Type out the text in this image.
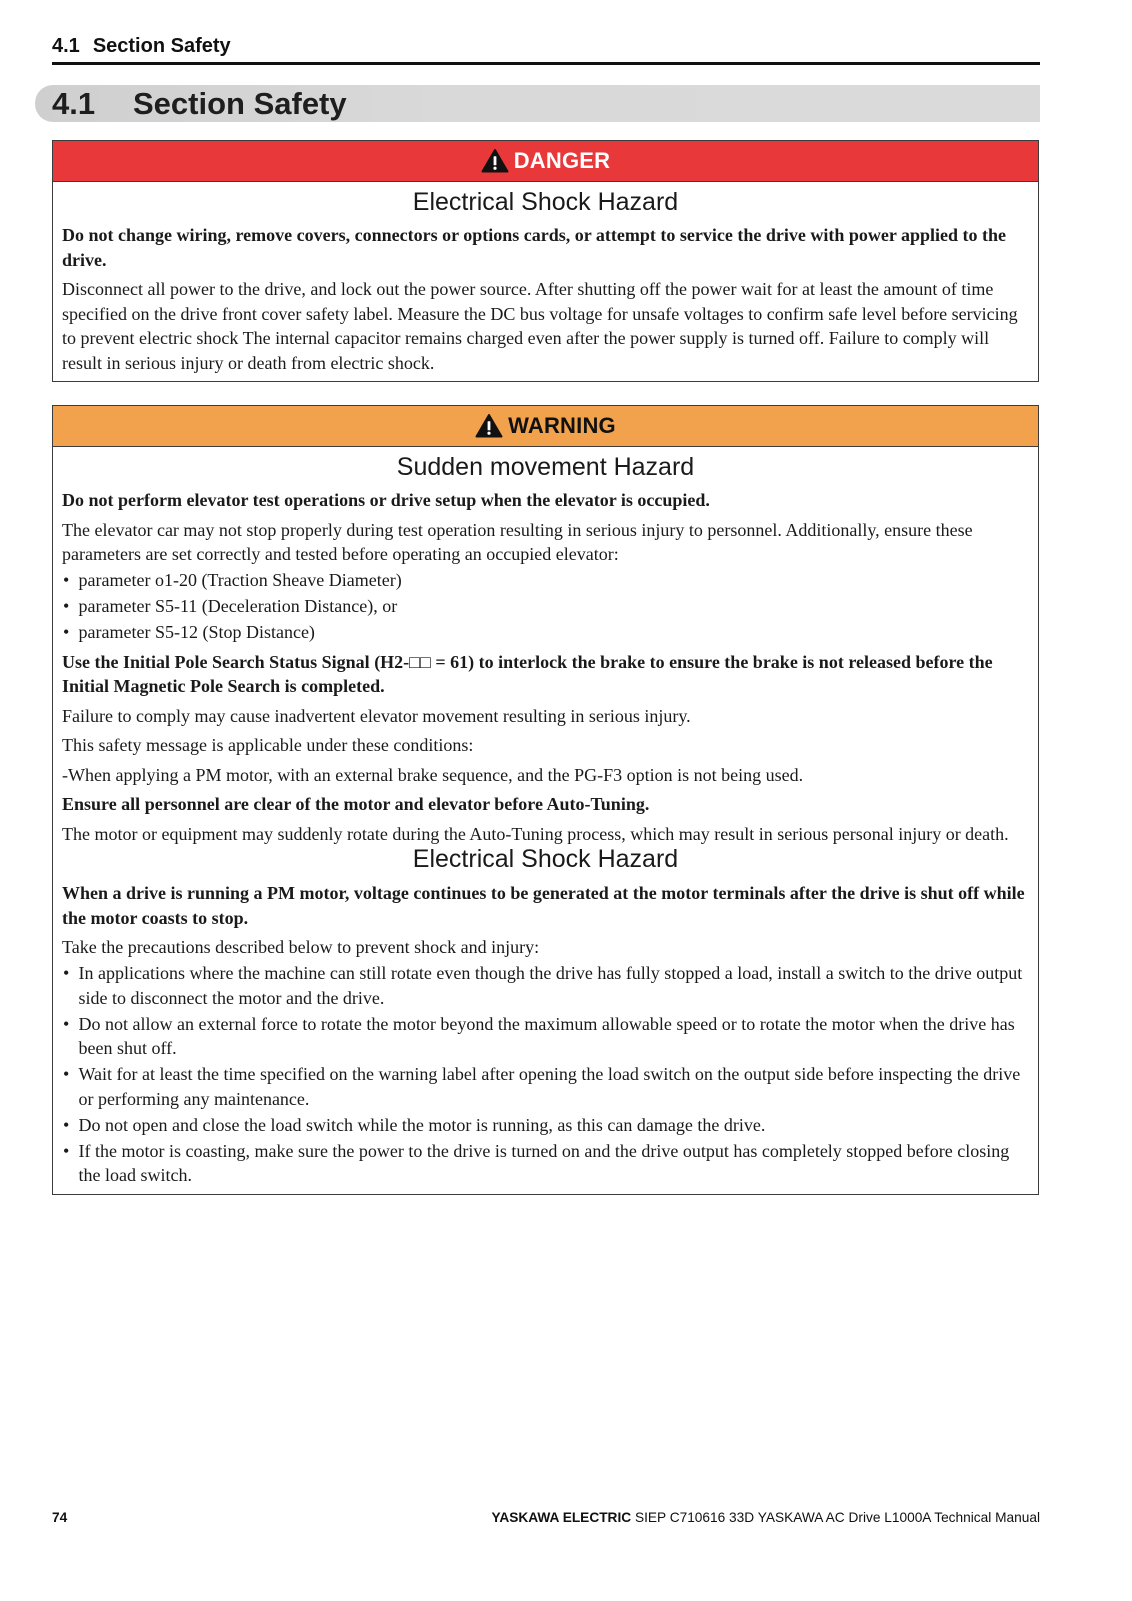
4.1 Section Safety
4.1 Section Safety
DANGER
Electrical Shock Hazard

Do not change wiring, remove covers, connectors or options cards, or attempt to service the drive with power applied to the drive.

Disconnect all power to the drive, and lock out the power source. After shutting off the power wait for at least the amount of time specified on the drive front cover safety label. Measure the DC bus voltage for unsafe voltages to confirm safe level before servicing to prevent electric shock The internal capacitor remains charged even after the power supply is turned off. Failure to comply will result in serious injury or death from electric shock.

WARNING
Sudden movement Hazard

Do not perform elevator test operations or drive setup when the elevator is occupied.

The elevator car may not stop properly during test operation resulting in serious injury to personnel. Additionally, ensure these parameters are set correctly and tested before operating an occupied elevator:

• parameter o1-20 (Traction Sheave Diameter)
• parameter S5-11 (Deceleration Distance), or
• parameter S5-12 (Stop Distance)

Use the Initial Pole Search Status Signal (H2-□□ = 61) to interlock the brake to ensure the brake is not released before the Initial Magnetic Pole Search is completed.

Failure to comply may cause inadvertent elevator movement resulting in serious injury.

This safety message is applicable under these conditions:

-When applying a PM motor, with an external brake sequence, and the PG-F3 option is not being used.

Ensure all personnel are clear of the motor and elevator before Auto-Tuning.

The motor or equipment may suddenly rotate during the Auto-Tuning process, which may result in serious personal injury or death.

Electrical Shock Hazard

When a drive is running a PM motor, voltage continues to be generated at the motor terminals after the drive is shut off while the motor coasts to stop.

Take the precautions described below to prevent shock and injury:

• In applications where the machine can still rotate even though the drive has fully stopped a load, install a switch to the drive output side to disconnect the motor and the drive.
• Do not allow an external force to rotate the motor beyond the maximum allowable speed or to rotate the motor when the drive has been shut off.
• Wait for at least the time specified on the warning label after opening the load switch on the output side before inspecting the drive or performing any maintenance.
• Do not open and close the load switch while the motor is running, as this can damage the drive.
• If the motor is coasting, make sure the power to the drive is turned on and the drive output has completely stopped before closing the load switch.
74	YASKAWA ELECTRIC SIEP C710616 33D YASKAWA AC Drive L1000A Technical Manual
